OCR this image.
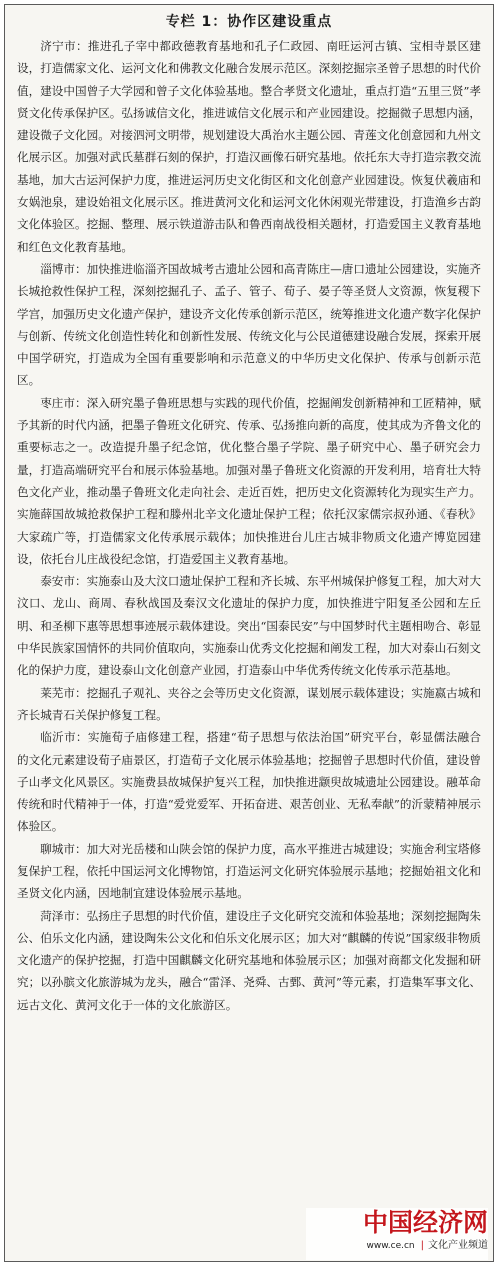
专栏 1：协作区建设重点

济宁市：推进孔子宰中都政德教育基地和孔子仁政园、南旺运河古镇、宝相寺景区建设，打造儒家文化、运河文化和佛教文化融合发展示范区。深刻挖掘宗圣曾子思想的时代价值，建设中国曾子大学园和曾子文化体验基地。整合孝贤文化遗址，重点打造“五里三贤”孝贤文化传承保护区。弘扬诚信文化，推进诚信文化展示和产业园建设。挖掘微子思想内涵，建设微子文化园。对接泗河文明带，规划建设大禹治水主题公园、青莲文化创意园和九州文化展示区。加强对武氏墓群石刻的保护，打造汉画像石研究基地。依托东大寺打造宗教交流基地，加大古运河保护力度，推进运河历史文化街区和文化创意产业园建设。恢复伏羲庙和女娲池泉，建设始祖文化展示区。推进黄河文化和运河文化休闲观光带建设，打造渔乡古韵文化体验区。挖掘、整理、展示铁道游击队和鲁西南战役相关题材，打造爱国主义教育基地和红色文化教育基地。

淄博市：加快推进临淄齐国故城考古遗址公园和高青陈庄—唐口遗址公园建设，实施齐长城抢救性保护工程，深刻挖掘孔子、孟子、管子、荀子、晏子等圣贤人文资源，恢复稷下学宫，加强历史文化遗产保护，建设齐文化传承创新示范区，统筹推进文化遗产数字化保护与创新、传统文化创造性转化和创新性发展、传统文化与公民道德建设融合发展，探索开展中国学研究，打造成为全国有重要影响和示范意义的中华历史文化保护、传承与创新示范区。

枣庄市：深入研究墨子鲁班思想与实践的现代价值，挖掘阐发创新精神和工匠精神，赋予其新的时代内涵，把墨子鲁班文化研究、传承、弘扬推向新的高度，使其成为齐鲁文化的重要标志之一。改造提升墨子纪念馆，优化整合墨子学院、墨子研究中心、墨子研究会力量，打造高端研究平台和展示体验基地。加强对墨子鲁班文化资源的开发利用，培育壮大特色文化产业，推动墨子鲁班文化走向社会、走近百姓，把历史文化资源转化为现实生产力。实施薛国故城抢救保护工程和滕州北辛文化遗址保护工程；依托汉家儒宗叔孙通、《春秋》大家疏广等，打造儒家文化传承展示载体；加快推进台儿庄古城非物质文化遗产博览园建设，依托台儿庄战役纪念馆，打造爱国主义教育基地。

泰安市：实施泰山及大汶口遗址保护工程和齐长城、东平州城保护修复工程，加大对大汶口、龙山、商周、春秋战国及秦汉文化遗址的保护力度，加快推进宁阳复圣公园和左丘明、和圣柳下惠等思想事迹展示载体建设。突出“国泰民安”与中国梦时代主题相吻合、彰显中华民族家国情怀的共同价值取向，实施泰山优秀文化挖掘和阐发工程，加大对泰山石刻文化的保护力度，建设泰山文化创意产业园，打造泰山中华优秀传统文化传承示范基地。

莱芜市：挖掘孔子观礼、夹谷之会等历史文化资源，谋划展示载体建设；实施嬴古城和齐长城青石关保护修复工程。

临沂市：实施荀子庙修建工程，搭建“荀子思想与依法治国”研究平台，彰显儒法融合的文化元素建设荀子庙景区，打造荀子文化展示体验基地；挖掘曾子思想时代价值，建设曾子山孝文化风景区。实施费县故城保护复兴工程，加快推进颛臾故城遗址公园建设。融革命传统和时代精神于一体，打造“爱党爱军、开拓奋进、艰苦创业、无私奉献”的沂蒙精神展示体验区。

聊城市：加大对光岳楼和山陕会馆的保护力度，高水平推进古城建设；实施舍利宝塔修复保护工程，依托中国运河文化博物馆，打造运河文化研究体验展示基地；挖掘始祖文化和圣贤文化内涵，因地制宜建设体验展示基地。

菏泽市：弘扬庄子思想的时代价值，建设庄子文化研究交流和体验基地；深刻挖掘陶朱公、伯乐文化内涵，建设陶朱公文化和伯乐文化展示区；加大对“麒麟的传说”国家级非物质文化遗产的保护挖掘，打造中国麒麟文化研究基地和体验展示区；加强对商都文化发掘和研究；以孙膑文化旅游城为龙头，融合“雷泽、尧舜、古鄄、黄河”等元素，打造集军事文化、远古文化、黄河文化于一体的文化旅游区。

中国经济网
www.ce.cn | 文化产业频道
